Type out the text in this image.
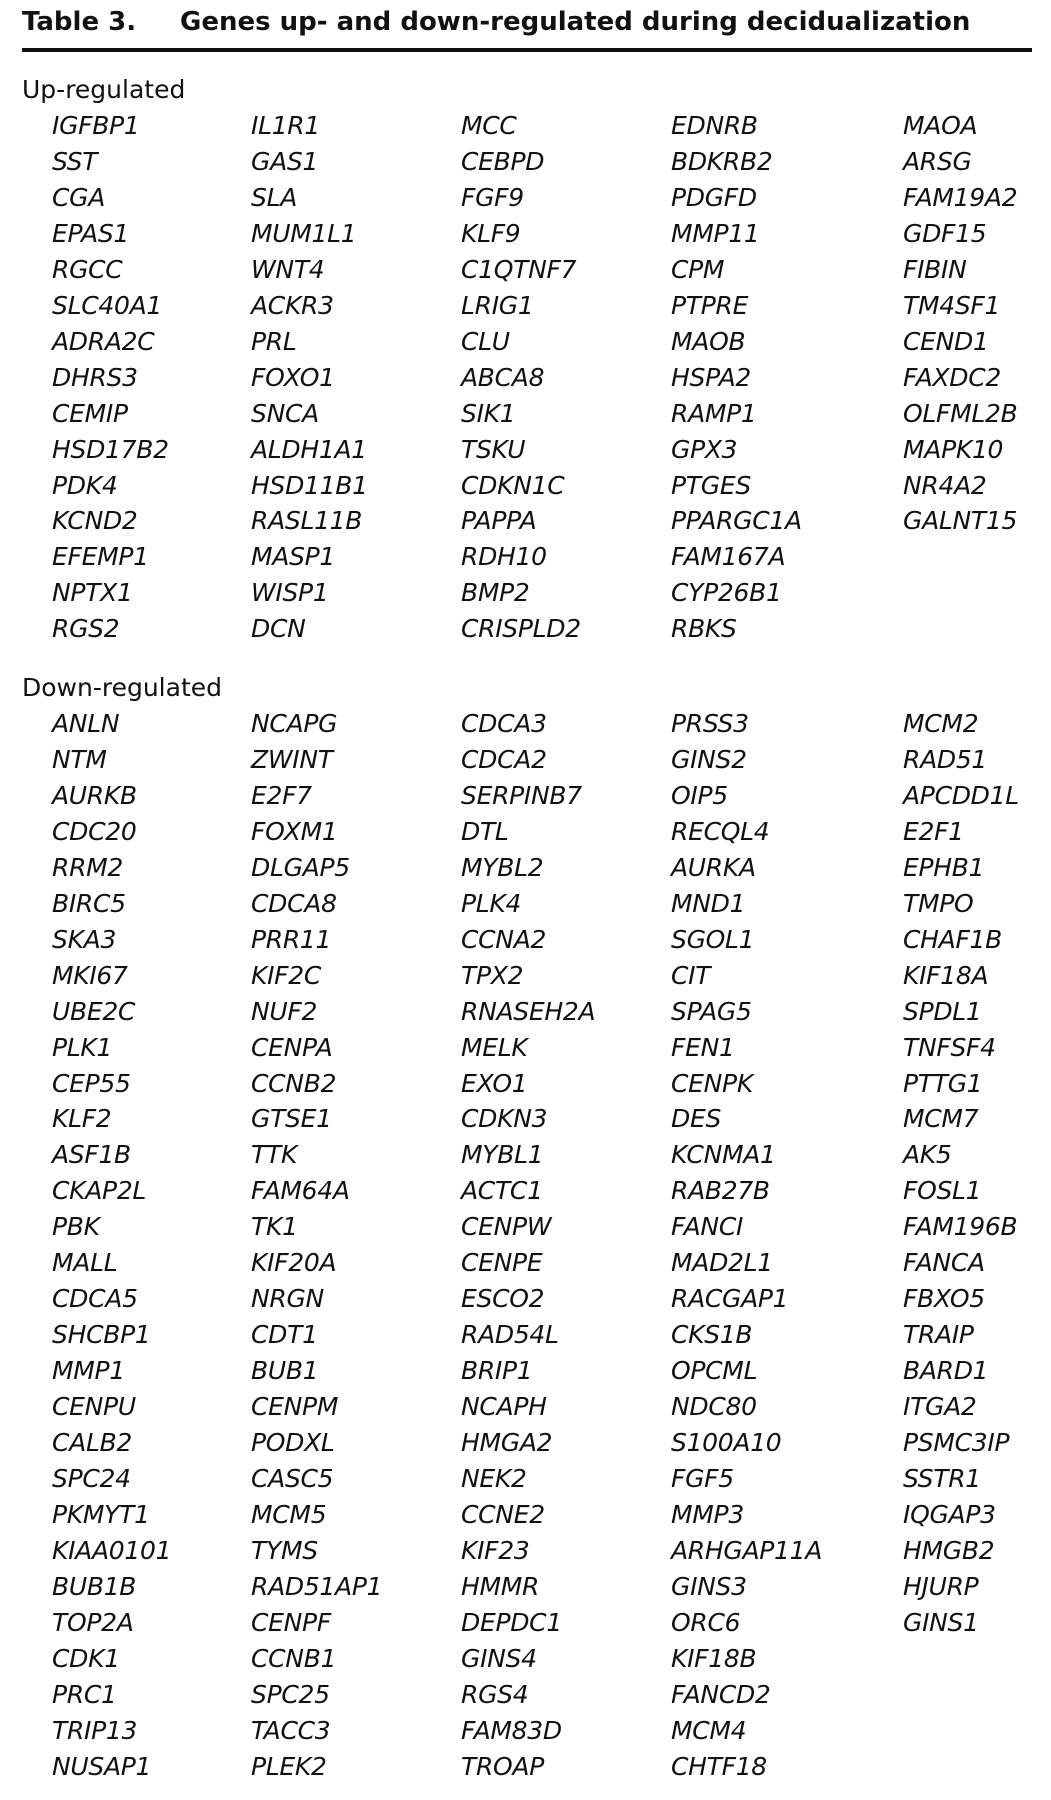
Table 3. Genes up- and down-regulated during decidualization
Up-regulated
IGFBP1
SST
CGA
EPAS1
RGCC
SLC40A1
ADRA2C
DHRS3
CEMIP
HSD17B2
PDK4
KCND2
EFEMP1
NPTX1
RGS2
IL1R1
GAS1
SLA
MUM1L1
WNT4
ACKR3
PRL
FOXO1
SNCA
ALDH1A1
HSD11B1
RASL11B
MASP1
WISP1
DCN
MCC
CEBPD
FGF9
KLF9
C1QTNF7
LRIG1
CLU
ABCA8
SIK1
TSKU
CDKN1C
PAPPA
RDH10
BMP2
CRISPLD2
EDNRB
BDKRB2
PDGFD
MMP11
CPM
PTPRE
MAOB
HSPA2
RAMP1
GPX3
PTGES
PPARGC1A
FAM167A
CYP26B1
RBKS
MAOA
ARSG
FAM19A2
GDF15
FIBIN
TM4SF1
CEND1
FAXDC2
OLFML2B
MAPK10
NR4A2
GALNT15
Down-regulated
ANLN
NTM
AURKB
CDC20
RRM2
BIRC5
SKA3
MKI67
UBE2C
PLK1
CEP55
KLF2
ASF1B
CKAP2L
PBK
MALL
CDCA5
SHCBP1
MMP1
CENPU
CALB2
SPC24
PKMYT1
KIAA0101
BUB1B
TOP2A
CDK1
PRC1
TRIP13
NUSAP1
NCAPG
ZWINT
E2F7
FOXM1
DLGAP5
CDCA8
PRR11
KIF2C
NUF2
CENPA
CCNB2
GTSE1
TTK
FAM64A
TK1
KIF20A
NRGN
CDT1
BUB1
CENPM
PODXL
CASC5
MCM5
TYMS
RAD51AP1
CENPF
CCNB1
SPC25
TACC3
PLEK2
CDCA3
CDCA2
SERPINB7
DTL
MYBL2
PLK4
CCNA2
TPX2
RNASEH2A
MELK
EXO1
CDKN3
MYBL1
ACTC1
CENPW
CENPE
ESCO2
RAD54L
BRIP1
NCAPH
HMGA2
NEK2
CCNE2
KIF23
HMMR
DEPDC1
GINS4
RGS4
FAM83D
TROAP
PRSS3
GINS2
OIP5
RECQL4
AURKA
MND1
SGOL1
CIT
SPAG5
FEN1
CENPK
DES
KCNMA1
RAB27B
FANCI
MAD2L1
RACGAP1
CKS1B
OPCML
NDC80
S100A10
FGF5
MMP3
ARHGAP11A
GINS3
ORC6
KIF18B
FANCD2
MCM4
CHTF18
MCM2
RAD51
APCDD1L
E2F1
EPHB1
TMPO
CHAF1B
KIF18A
SPDL1
TNFSF4
PTTG1
MCM7
AK5
FOSL1
FAM196B
FANCA
FBXO5
TRAIP
BARD1
ITGA2
PSMC3IP
SSTR1
IQGAP3
HMGB2
HJURP
GINS1
